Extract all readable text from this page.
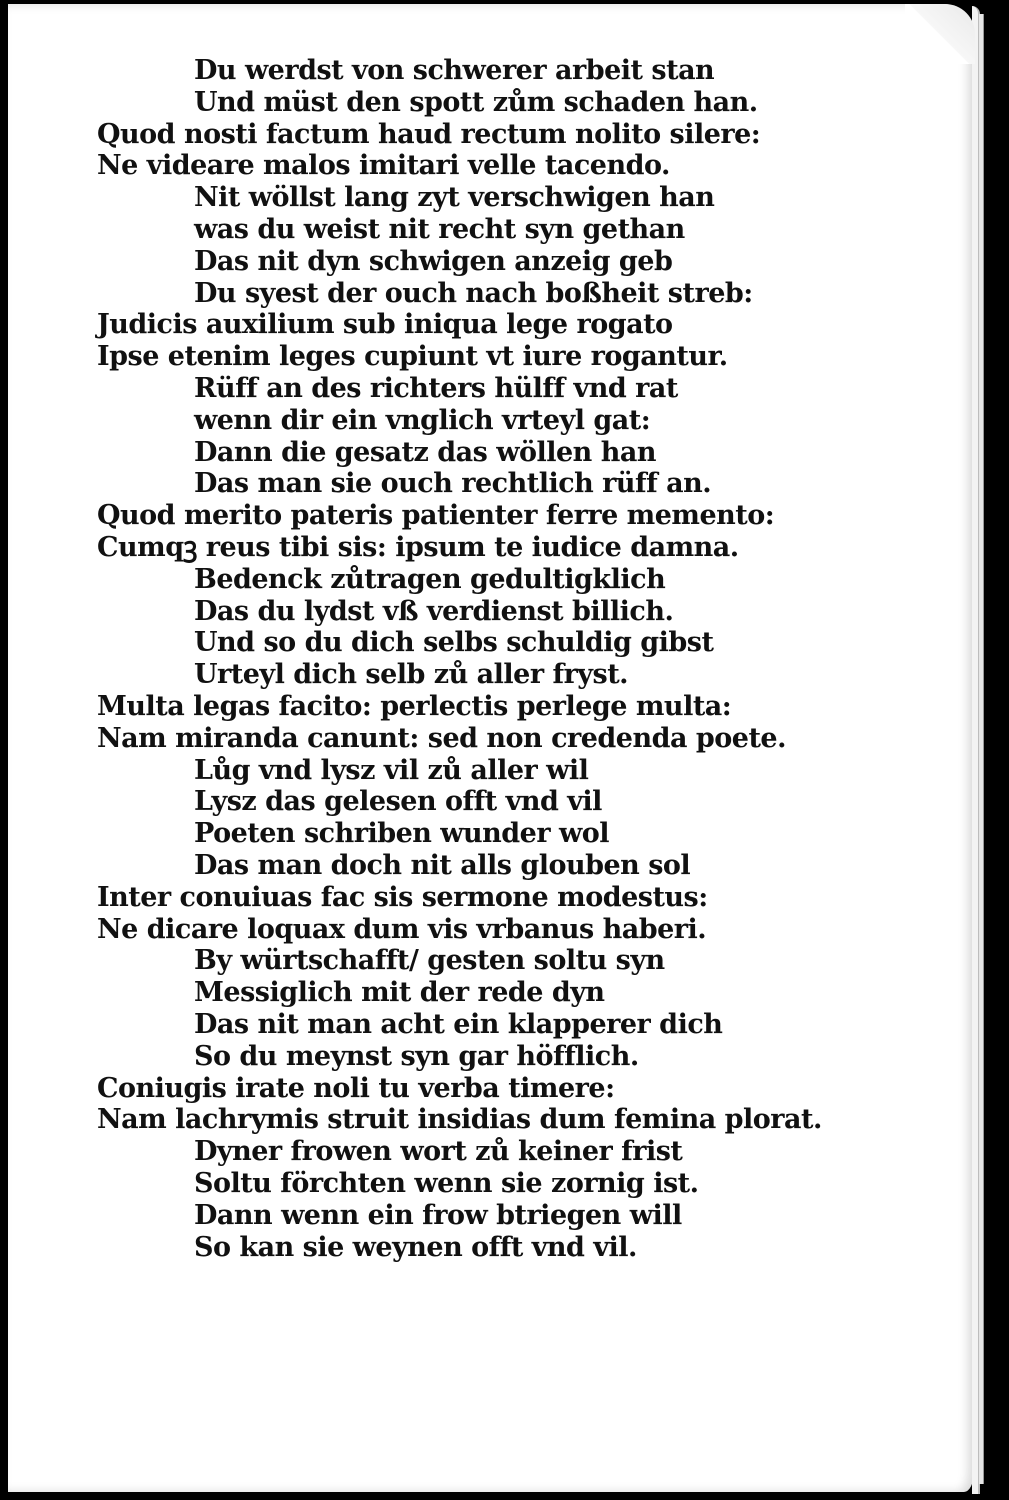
Du werdst von schwerer arbeit stan
Und müst den spott zům schaden han.
Quod nosti factum haud rectum nolito silere:
Ne videare malos imitari velle tacendo.
Nit wöllst lang zyt verschwigen han
was du weist nit recht syn gethan
Das nit dyn schwigen anzeig geb
Du syest der ouch nach boßheit streb:
Judicis auxilium sub iniqua lege rogato
Ipse etenim leges cupiunt vt iure rogantur.
Rüff an des richters hülff vnd rat
wenn dir ein vnglich vrteyl gat:
Dann die gesatz das wöllen han
Das man sie ouch rechtlich rüff an.
Quod merito pateris patienter ferre memento:
Cumqꝫ reus tibi sis: ipsum te iudice damna.
Bedenck zůtragen gedultigklich
Das du lydst vß verdienst billich.
Und so du dich selbs schuldig gibst
Urteyl dich selb zů aller fryst.
Multa legas facito: perlectis perlege multa:
Nam miranda canunt: sed non credenda poete.
Lůg vnd lysz vil zů aller wil
Lysz das gelesen offt vnd vil
Poeten schriben wunder wol
Das man doch nit alls glouben sol
Inter conuiuas fac sis sermone modestus:
Ne dicare loquax dum vis vrbanus haberi.
By würtschafft/ gesten soltu syn
Messiglich mit der rede dyn
Das nit man acht ein klapperer dich
So du meynst syn gar höfflich.
Coniugis irate noli tu verba timere:
Nam lachrymis struit insidias dum femina plorat.
Dyner frowen wort zů keiner frist
Soltu förchten wenn sie zornig ist.
Dann wenn ein frow btriegen will
So kan sie weynen offt vnd vil.
